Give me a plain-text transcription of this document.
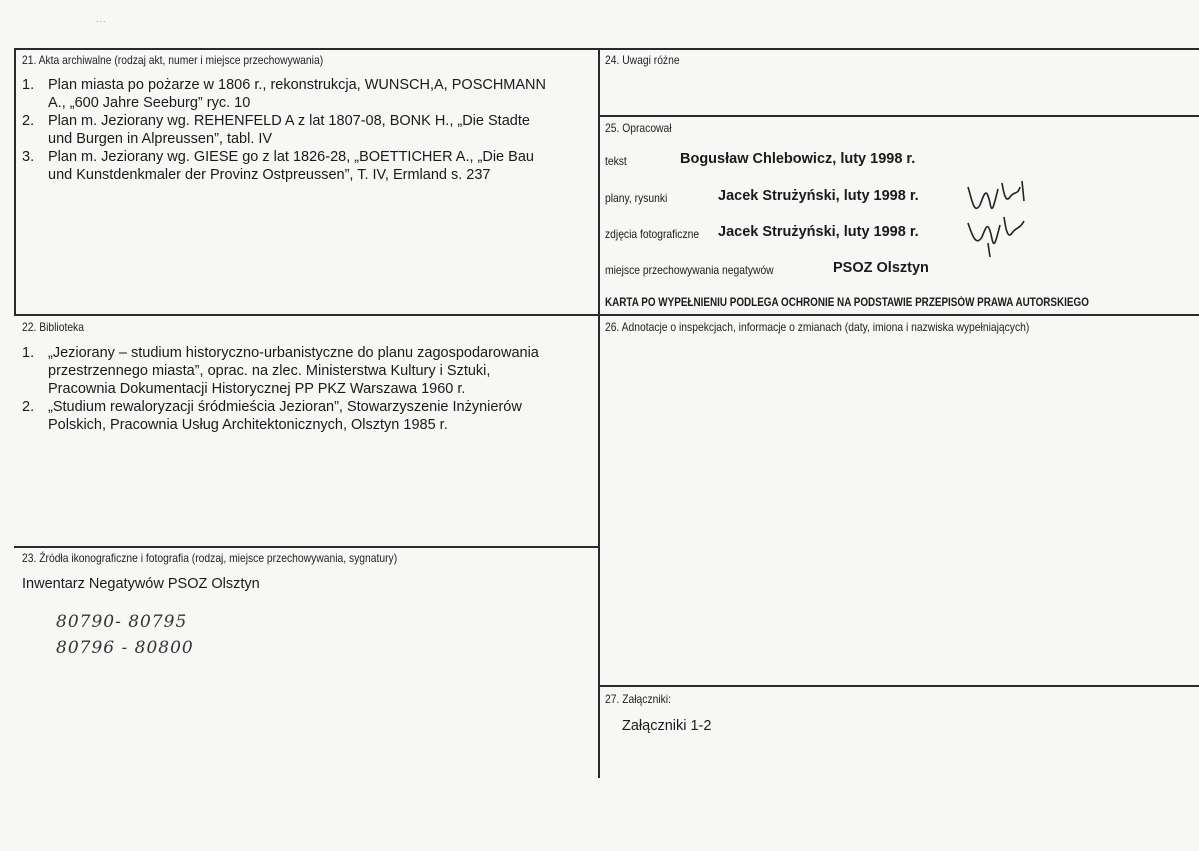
...
21. Akta archiwalne (rodzaj akt, numer i miejsce przechowywania)
1. Plan miasta po pożarze w 1806 r., rekonstrukcja, WUNSCH,A, POSCHMANN
A., „600 Jahre Seeburg” ryc. 10
2. Plan m. Jeziorany wg. REHENFELD A z lat 1807-08, BONK H., „Die Stadte
und Burgen in Alpreussen”, tabl. IV
3. Plan m. Jeziorany wg. GIESE go z lat 1826-28, „BOETTICHER A., „Die Bau
und Kunstdenkmaler der Provinz Ostpreussen”, T. IV, Ermland s. 237
24. Uwagi różne
25. Opracował
tekst	Bogusław Chlebowicz, luty 1998 r.
plany, rysunki	Jacek Strużyński, luty 1998 r.
zdjęcia fotograficzne Jacek Strużyński, luty 1998 r.
miejsce przechowywania negatywów	PSOZ Olsztyn
KARTA PO WYPEŁNIENIU PODLEGA OCHRONIE NA PODSTAWIE PRZEPISÓW PRAWA AUTORSKIEGO
22. Biblioteka
1. „Jeziorany – studium historyczno-urbanistyczne do planu zagospodarowania
przestrzennego miasta”, oprac. na zlec. Ministerstwa Kultury i Sztuki,
Pracownia Dokumentacji Historycznej PP PKZ Warszawa 1960 r.
2. „Studium rewaloryzacji śródmieścia Jezioran”, Stowarzyszenie Inżynierów
Polskich, Pracownia Usług Architektonicznych, Olsztyn 1985 r.
26. Adnotacje o inspekcjach, informacje o zmianach (daty, imiona i nazwiska wypełniających)
23. Źródła ikonograficzne i fotografia (rodzaj, miejsce przechowywania, sygnatury)
Inwentarz Negatywów PSOZ Olsztyn
80790- 80795
80796 - 80800
27. Załączniki:
Załączniki 1-2
